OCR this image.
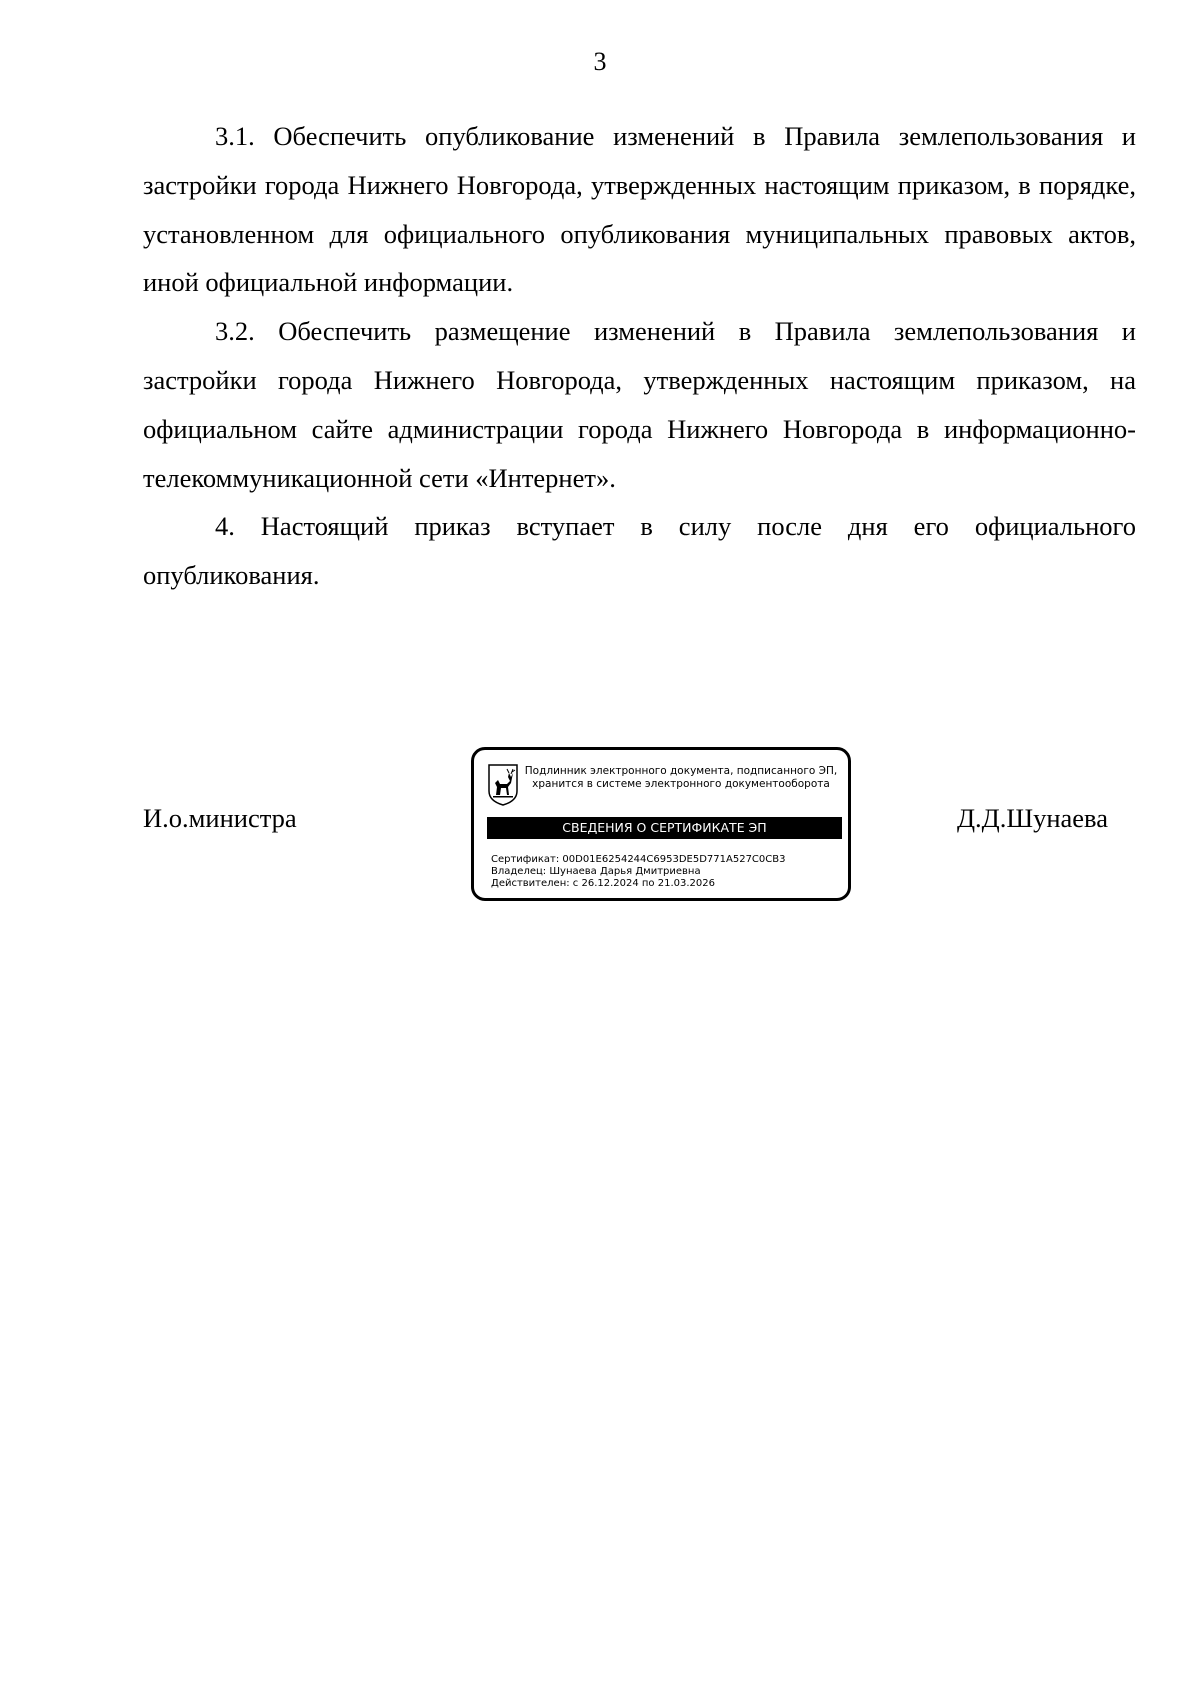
3

3.1. Обеспечить опубликование изменений в Правила землепользования и застройки города Нижнего Новгорода, утвержденных настоящим приказом, в порядке, установленном для официального опубликования муниципальных правовых актов, иной официальной информации.

3.2. Обеспечить размещение изменений в Правила землепользования и застройки города Нижнего Новгорода, утвержденных настоящим приказом, на официальном сайте администрации города Нижнего Новгорода в информационно-телекоммуникационной сети «Интернет».

4. Настоящий приказ вступает в силу после дня его официального опубликования.

И.о.министра
Подлинник электронного документа, подписанного ЭП,
хранится в системе электронного документооборота
СВЕДЕНИЯ О СЕРТИФИКАТЕ ЭП
Сертификат: 00D01E6254244C6953DE5D771A527C0CB3
Владелец: Шунаева Дарья Дмитриевна
Действителен: с 26.12.2024 по 21.03.2026
Д.Д.Шунаева
